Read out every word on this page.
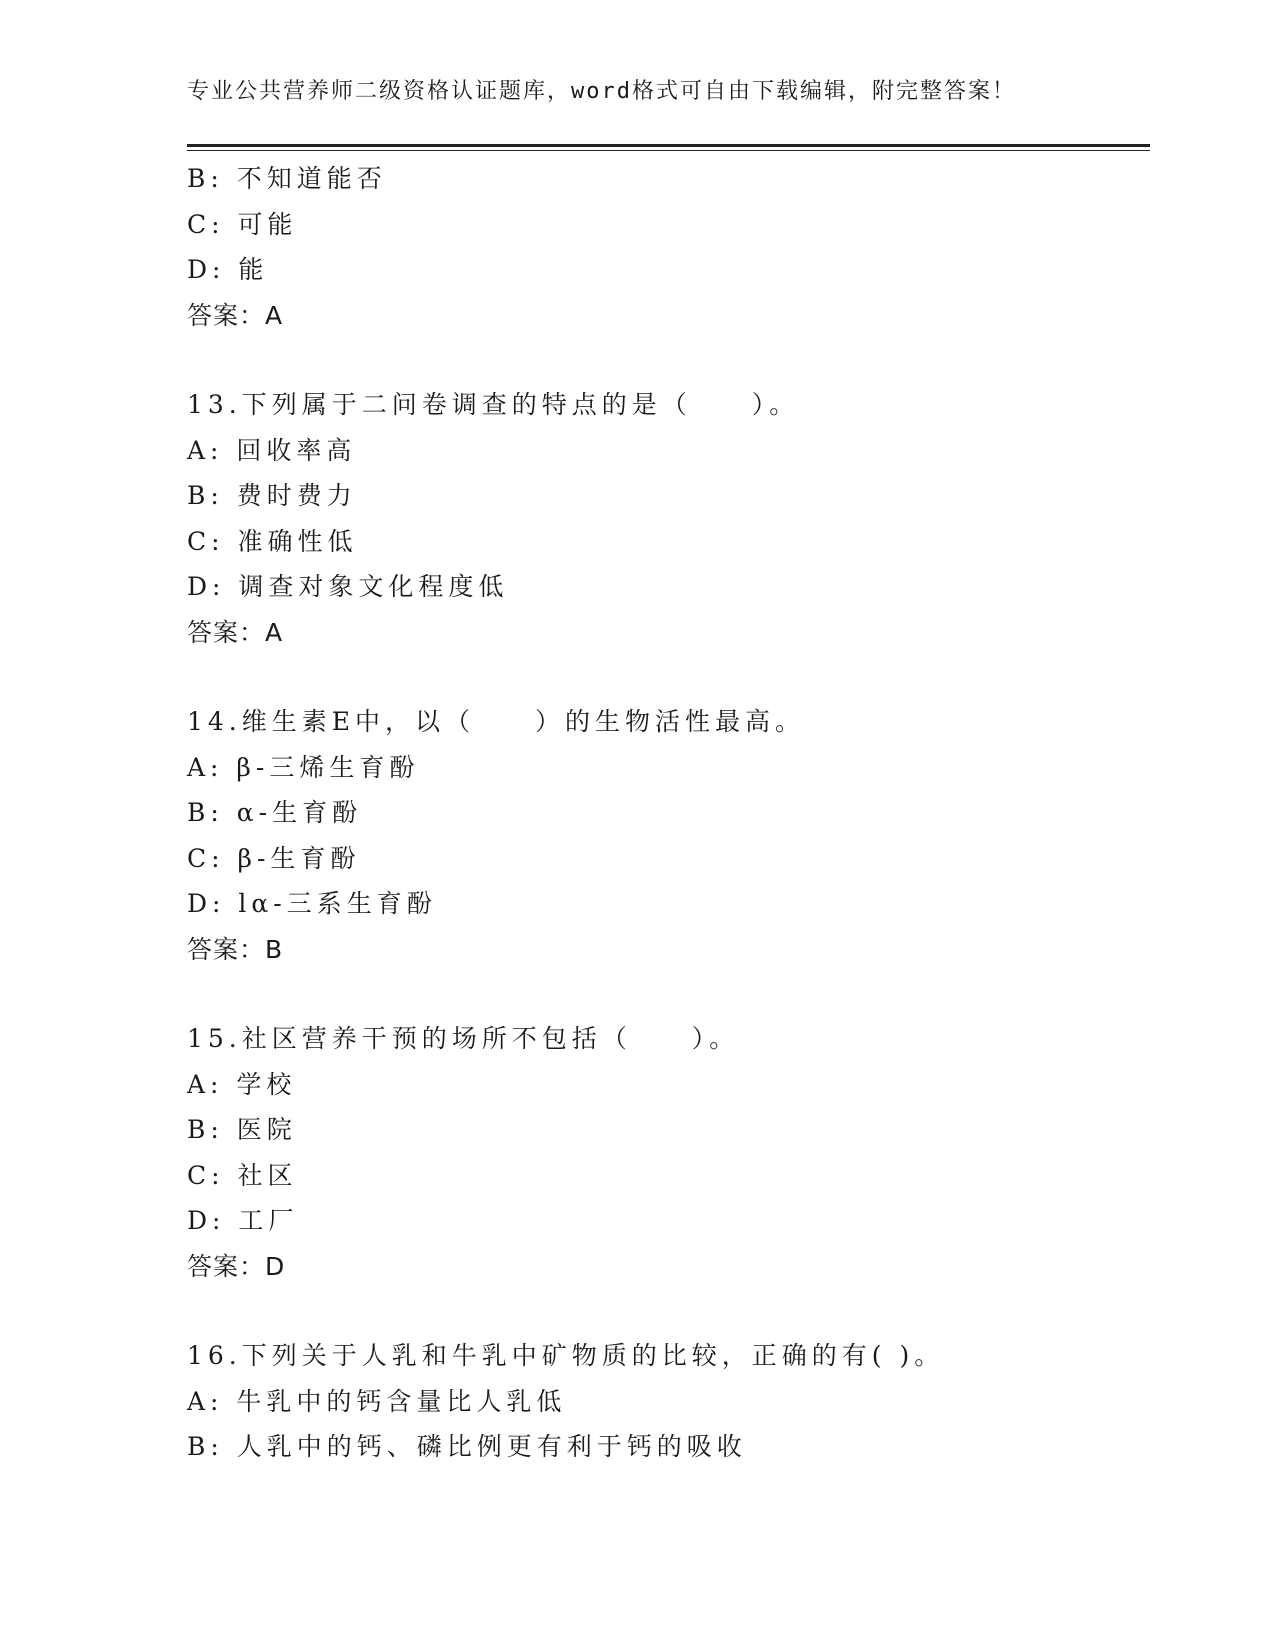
专业公共营养师二级资格认证题库，word格式可自由下载编辑，附完整答案！
B: 不知道能否
C: 可能
D: 能
答案：A
13.下列属于二问卷调查的特点的是（　　）。
A: 回收率高
B: 费时费力
C: 准确性低
D: 调查对象文化程度低
答案：A
14.维生素E中，以（　　）的生物活性最高。
A: β-三烯生育酚
B: α-生育酚
C: β-生育酚
D: lα-三系生育酚
答案：B
15.社区营养干预的场所不包括（　　）。
A: 学校
B: 医院
C: 社区
D: 工厂
答案：D
16.下列关于人乳和牛乳中矿物质的比较，正确的有( )。
A: 牛乳中的钙含量比人乳低
B: 人乳中的钙、磷比例更有利于钙的吸收
